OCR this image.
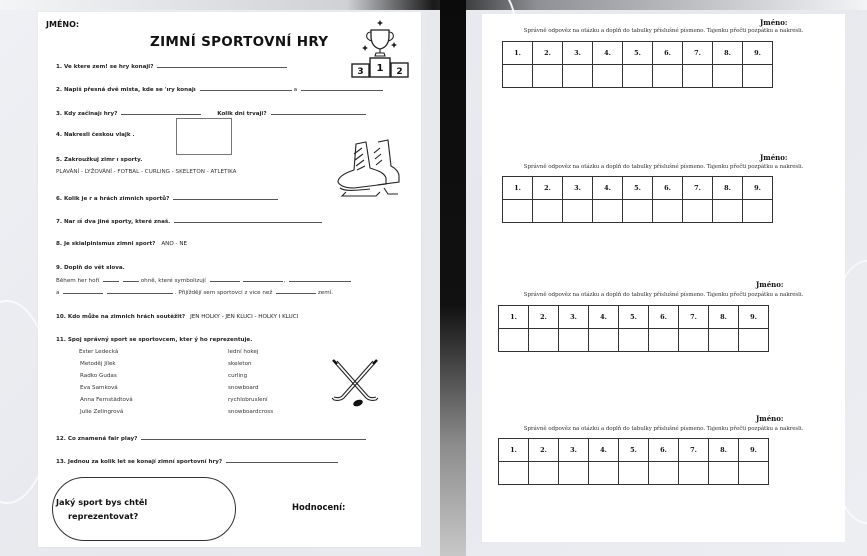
JMÉNO:
ZIMNÍ SPORTOVNÍ HRY
3 1 2
1. Ve ktere zem! se hry konaji?
2. Napiš přesná dvě mista, kde se 'ıry konajı	a
3. Kdy začinajı hry?	Kolik dni trvaji?
4. Nakresli českou vlajk .
5. Zakroužkuj zimr ı sporty.
PLAVÁNÍ - LYŽOVÁNÍ - FOTBAL - CURLING - SKELETON - ATLETIKA
6. Kolik je r a hrách zimnich sportů?
7. Nar ıś dva jiné sporty, které znaš.
8. Je skialpinismus zimni sport? ANO - NE
9. Doplň do vět slova.
Během her hoří	ohně, které symbolizují	,
a	. Přijíždějí sem sportovci z vice než	zemí.
10. Kdo může na zimnich hrách soutěžit? JEN HOLKY - JEN KLUCI - HOLKY I KLUCI
11. Spoj správný sport se sportovcem, kter ý ho reprezentuje.
Ester Ledecká
Metoděj Jílek
Radko Gudas
Eva Samková
Anna Fernstädtová
Julie Zelingrová
lední hokej
skeleton
curling
snowboard
rychlobruslení
snowboardcross
12. Co znamená fair play?
13. Jednou za kolik let se konají zimní sportovní hry?
Jaký sport bys chtěl
reprezentovat?
Hodnocení:
Jméno:
Správně odpověz na otázku a doplň do tabulky příslušné písmeno. Tajenku přečti pozpátku a nakresli.
1.	2.	3.	4.	5.	6.	7.	8.	9.

Jméno:
Správně odpověz na otázku a doplň do tabulky příslušné písmeno. Tajenku přečti pozpátku a nakresli.
1.	2.	3.	4.	5.	6.	7.	8.	9.

Jméno:
Správně odpověz na otázku a doplň do tabulky příslušné písmeno. Tajenku přečti pozpátku a nakresli.
1.	2.	3.	4.	5.	6.	7.	8.	9.

Jméno:
Správně odpověz na otázku a doplň do tabulky příslušné písmeno. Tajenku přečti pozpátku a nakresli.
1.	2.	3.	4.	5.	6.	7.	8.	9.
